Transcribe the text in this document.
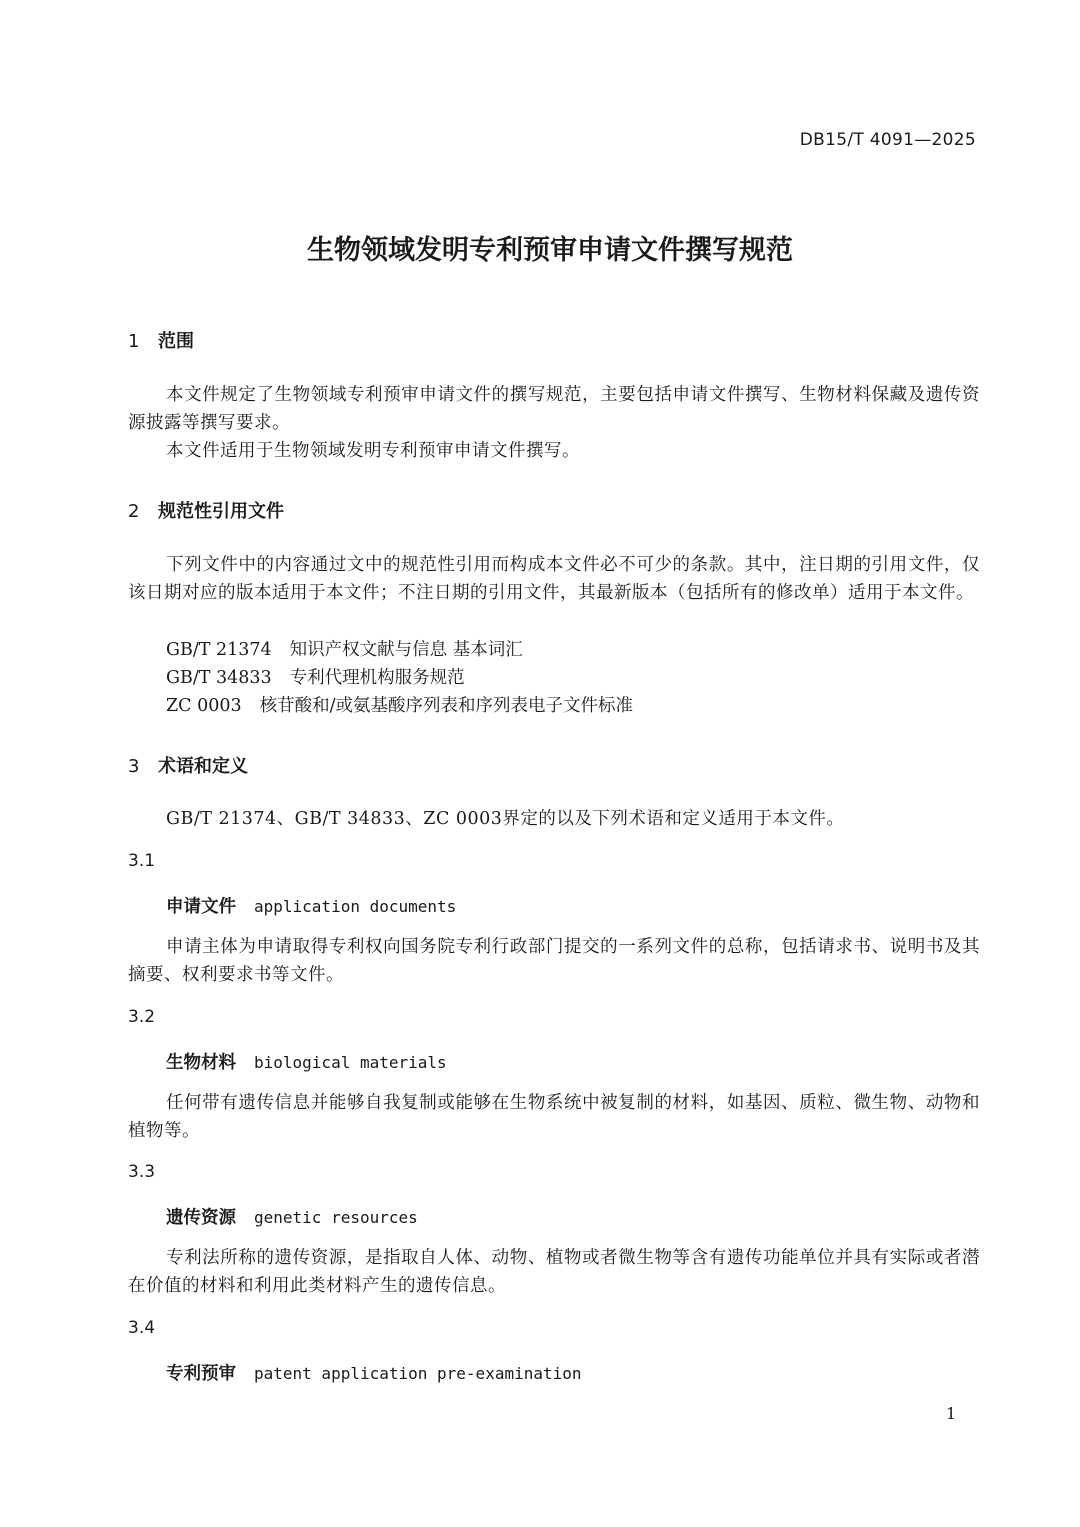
DB15/T 4091—2025
生物领域发明专利预审申请文件撰写规范
1 范围
本文件规定了生物领域专利预审申请文件的撰写规范，主要包括申请文件撰写、生物材料保藏及遗传资源披露等撰写要求。
本文件适用于生物领域发明专利预审申请文件撰写。
2 规范性引用文件
下列文件中的内容通过文中的规范性引用而构成本文件必不可少的条款。其中，注日期的引用文件，仅该日期对应的版本适用于本文件；不注日期的引用文件，其最新版本（包括所有的修改单）适用于本文件。
GB/T 21374 知识产权文献与信息 基本词汇
GB/T 34833 专利代理机构服务规范
ZC 0003 核苷酸和/或氨基酸序列表和序列表电子文件标准
3 术语和定义
GB/T 21374、GB/T 34833、ZC 0003界定的以及下列术语和定义适用于本文件。
3.1
申请文件 application documents
申请主体为申请取得专利权向国务院专利行政部门提交的一系列文件的总称，包括请求书、说明书及其摘要、权利要求书等文件。
3.2
生物材料 biological materials
任何带有遗传信息并能够自我复制或能够在生物系统中被复制的材料，如基因、质粒、微生物、动物和植物等。
3.3
遗传资源 genetic resources
专利法所称的遗传资源，是指取自人体、动物、植物或者微生物等含有遗传功能单位并具有实际或者潜在价值的材料和利用此类材料产生的遗传信息。
3.4
专利预审 patent application pre-examination
1
